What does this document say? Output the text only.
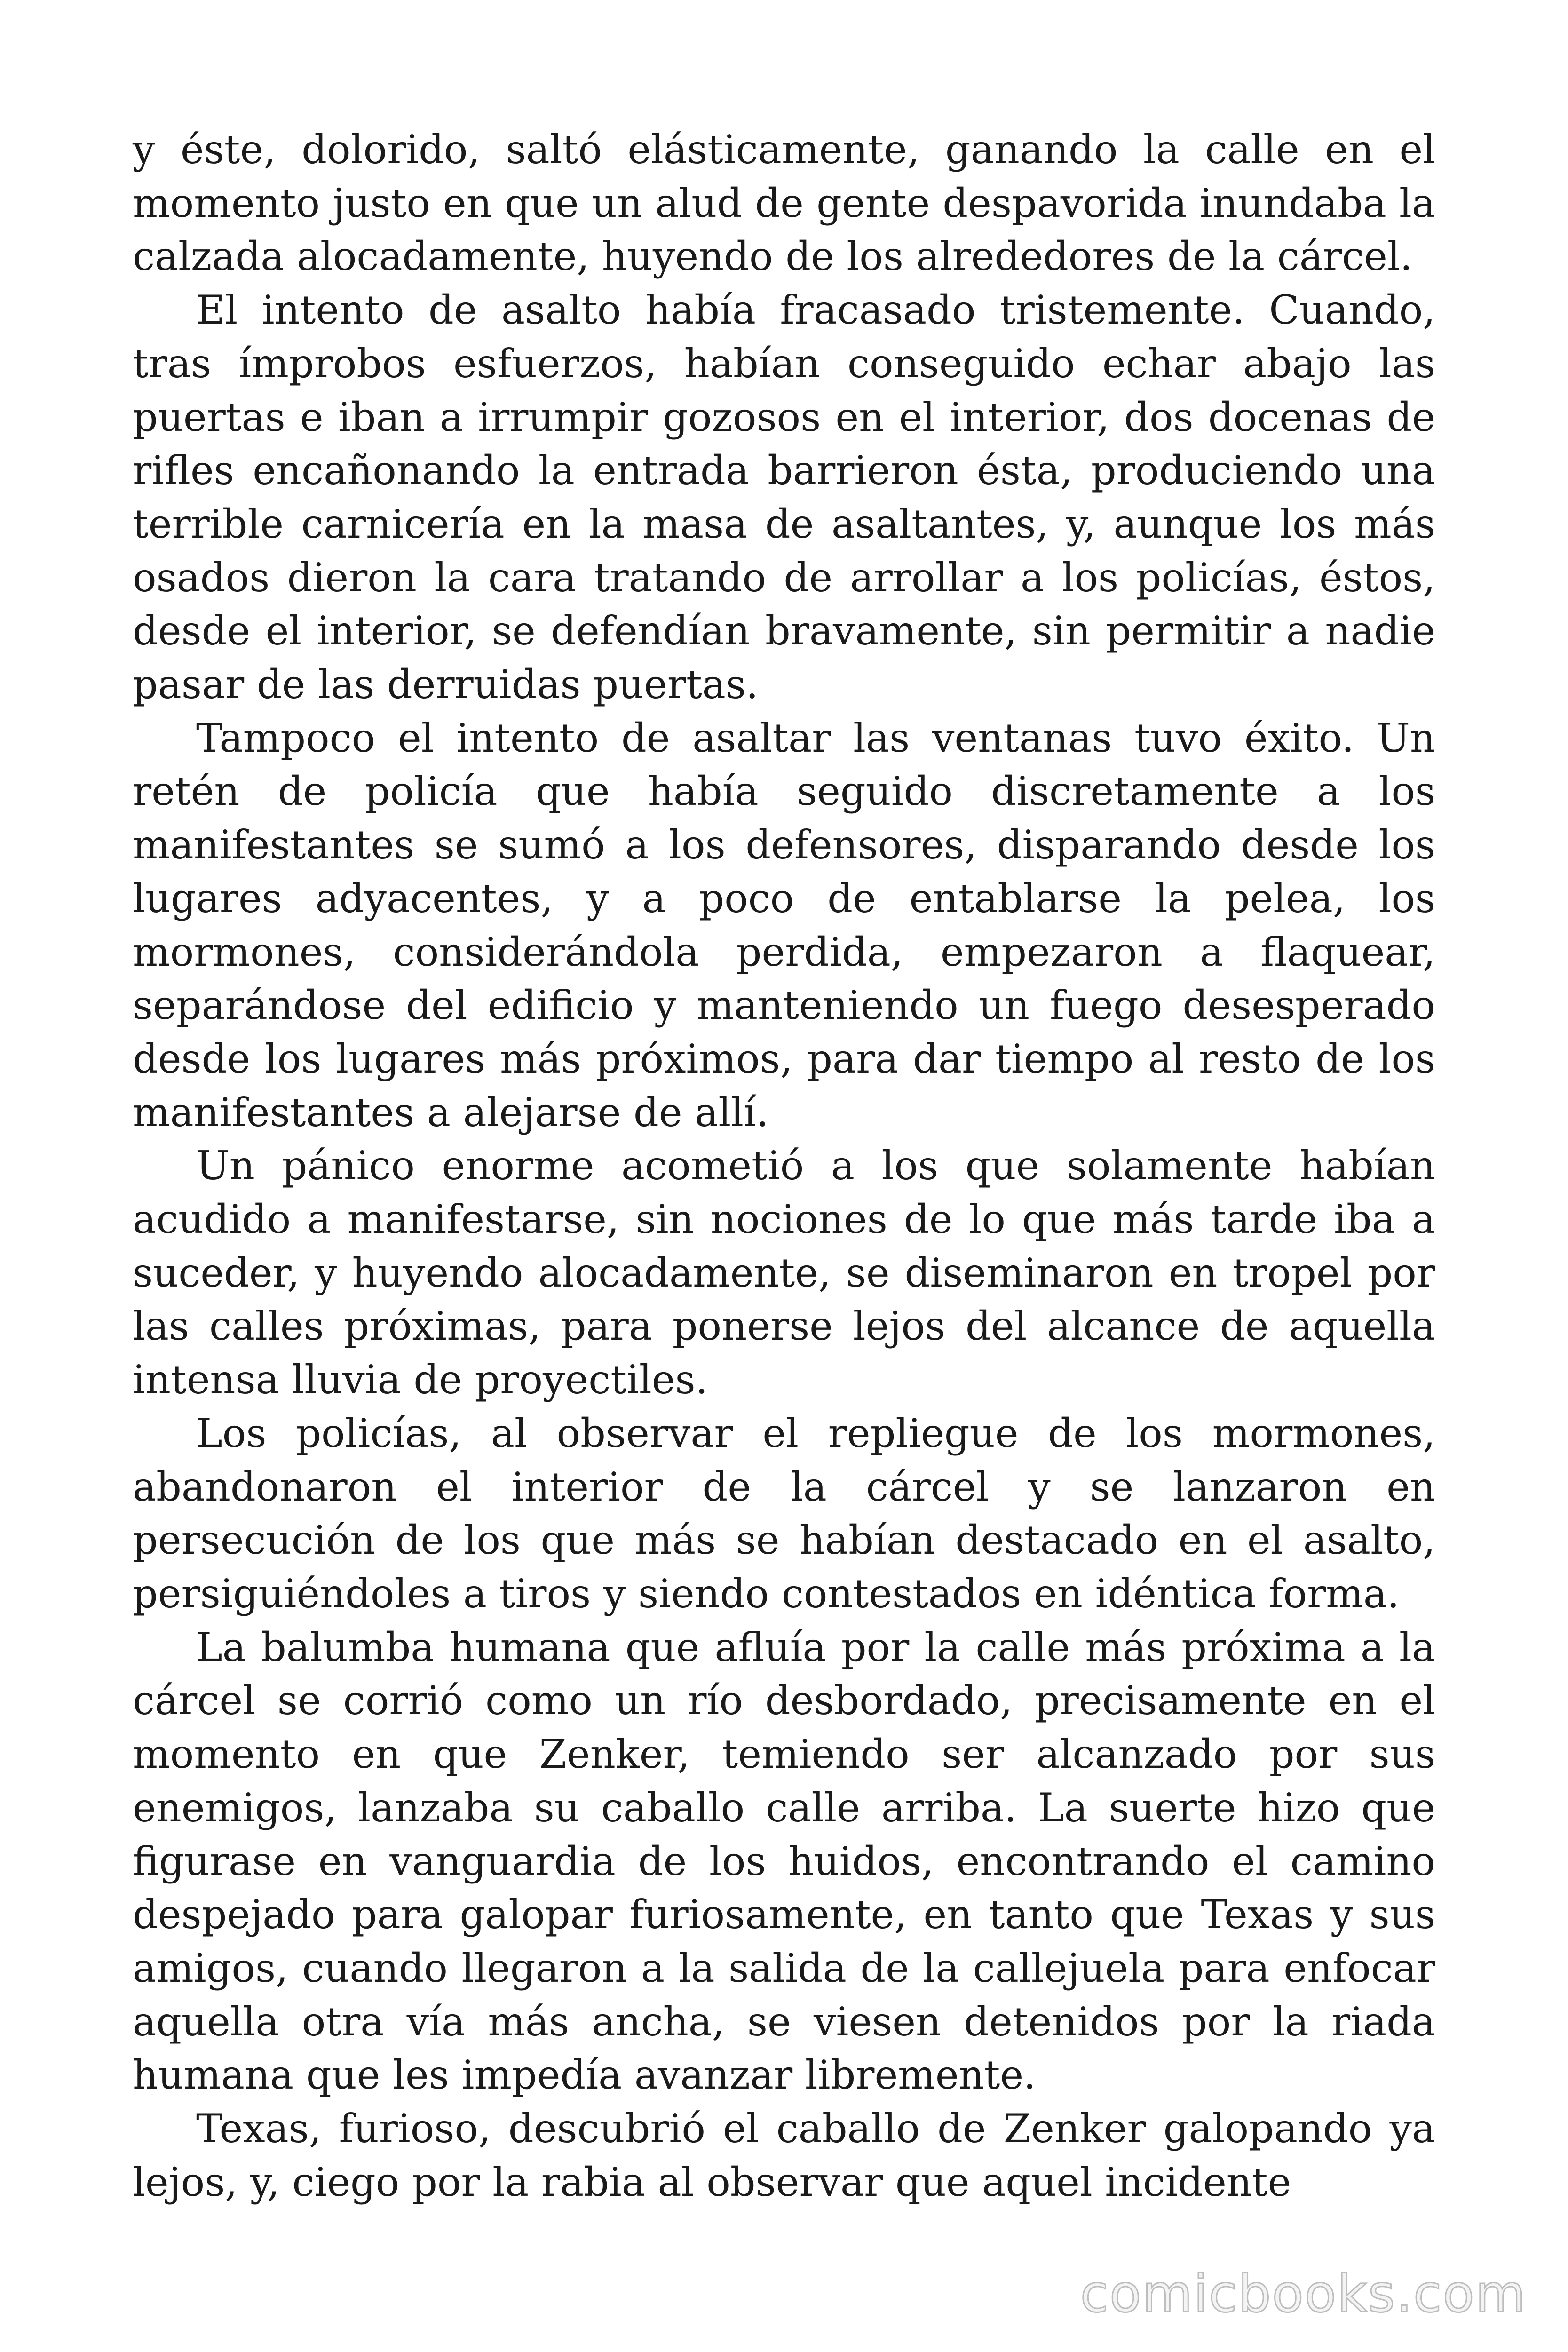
y éste, dolorido, saltó elásticamente, ganando la calle en el momento justo en que un alud de gente despavorida inundaba la calzada alocadamente, huyendo de los alrededores de la cárcel.

El intento de asalto había fracasado tristemente. Cuando, tras ímprobos esfuerzos, habían conseguido echar abajo las puertas e iban a irrumpir gozosos en el interior, dos docenas de rifles encañonando la entrada barrieron ésta, produciendo una terrible carnicería en la masa de asaltantes, y, aunque los más osados dieron la cara tratando de arrollar a los policías, éstos, desde el interior, se defendían bravamente, sin permitir a nadie pasar de las derruidas puertas.

Tampoco el intento de asaltar las ventanas tuvo éxito. Un retén de policía que había seguido discretamente a los manifestantes se sumó a los defensores, disparando desde los lugares adyacentes, y a poco de entablarse la pelea, los mormones, considerándola perdida, empezaron a flaquear, separándose del edificio y manteniendo un fuego desesperado desde los lugares más próximos, para dar tiempo al resto de los manifestantes a alejarse de allí.

Un pánico enorme acometió a los que solamente habían acudido a manifestarse, sin nociones de lo que más tarde iba a suceder, y huyendo alocadamente, se diseminaron en tropel por las calles próximas, para ponerse lejos del alcance de aquella intensa lluvia de proyectiles.

Los policías, al observar el repliegue de los mormones, abandonaron el interior de la cárcel y se lanzaron en persecución de los que más se habían destacado en el asalto, persiguiéndoles a tiros y siendo contestados en idéntica forma.

La balumba humana que afluía por la calle más próxima a la cárcel se corrió como un río desbordado, precisamente en el momento en que Zenker, temiendo ser alcanzado por sus enemigos, lanzaba su caballo calle arriba. La suerte hizo que figurase en vanguardia de los huidos, encontrando el camino despejado para galopar furiosamente, en tanto que Texas y sus amigos, cuando llegaron a la salida de la callejuela para enfocar aquella otra vía más ancha, se viesen detenidos por la riada humana que les impedía avanzar libremente.

Texas, furioso, descubrió el caballo de Zenker galopando ya lejos, y, ciego por la rabia al observar que aquel incidente

comicbooks.com
